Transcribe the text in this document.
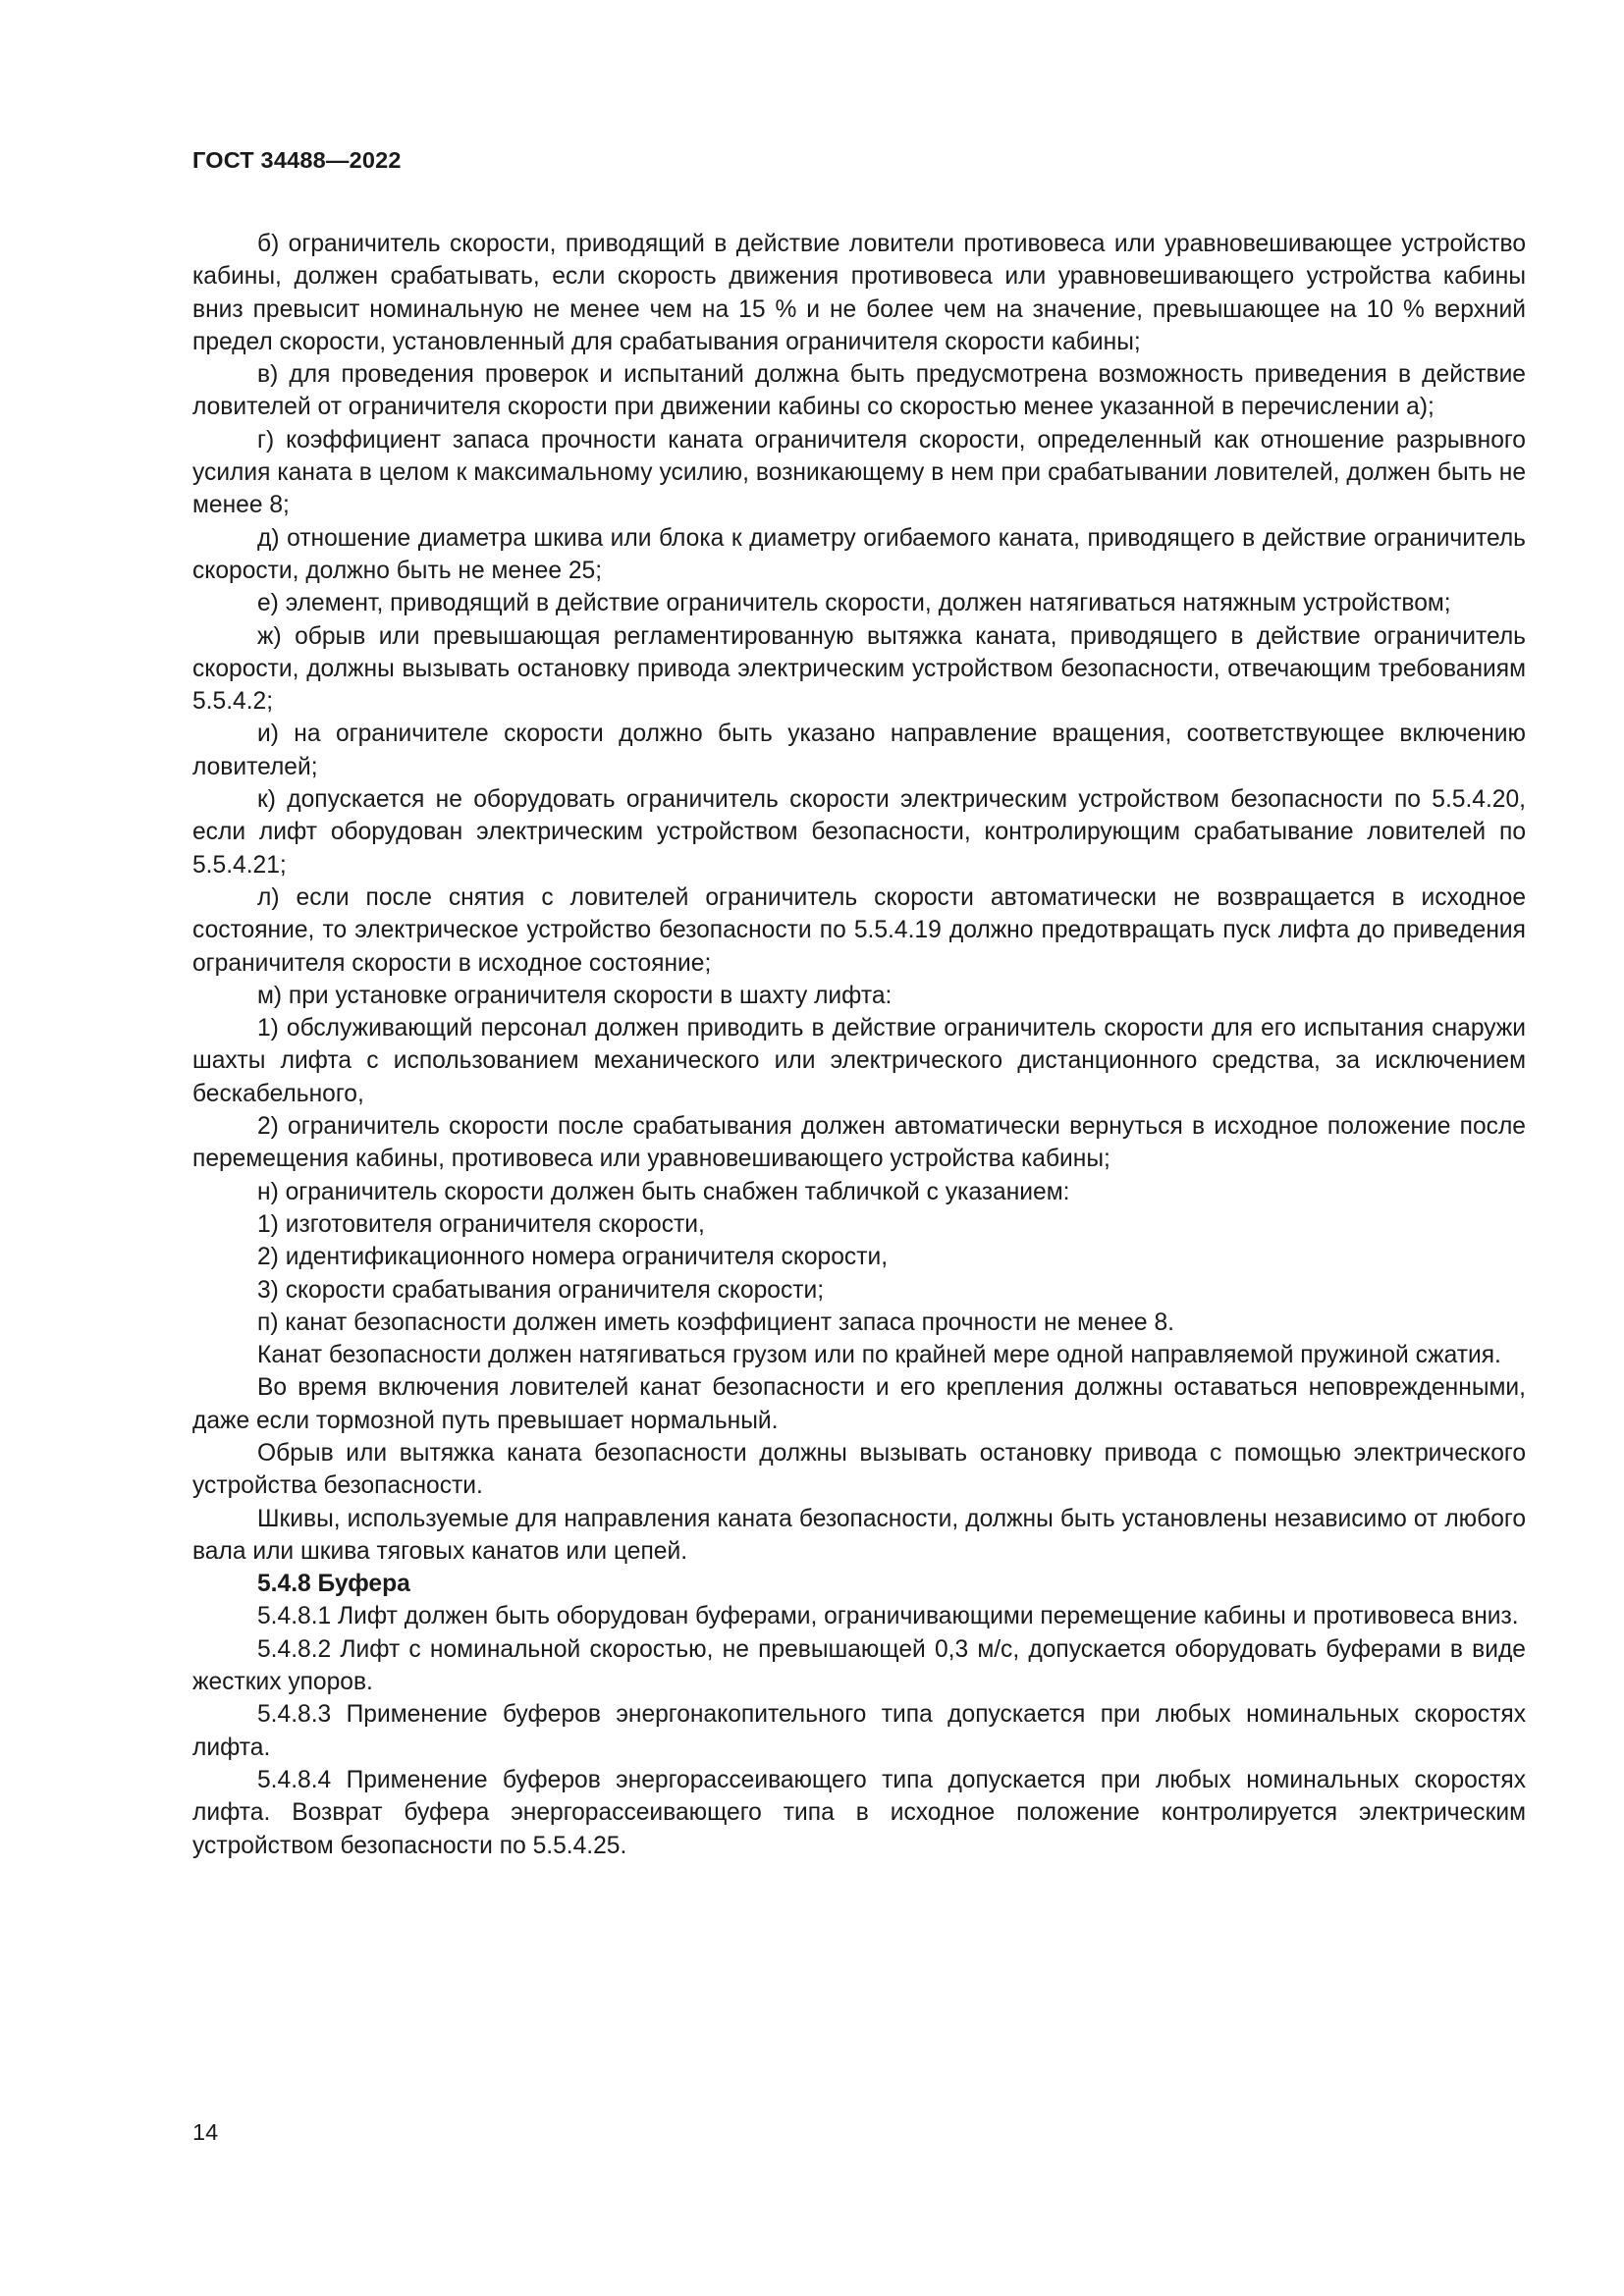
ГОСТ 34488—2022

б) ограничитель скорости, приводящий в действие ловители противовеса или уравновешивающее устройство кабины, должен срабатывать, если скорость движения противовеса или уравновешивающего устройства кабины вниз превысит номинальную не менее чем на 15 % и не более чем на значение, превышающее на 10 % верхний предел скорости, установленный для срабатывания ограничителя скорости кабины;

в) для проведения проверок и испытаний должна быть предусмотрена возможность приведения в действие ловителей от ограничителя скорости при движении кабины со скоростью менее указанной в перечислении а);

г) коэффициент запаса прочности каната ограничителя скорости, определенный как отношение разрывного усилия каната в целом к максимальному усилию, возникающему в нем при срабатывании ловителей, должен быть не менее 8;

д) отношение диаметра шкива или блока к диаметру огибаемого каната, приводящего в действие ограничитель скорости, должно быть не менее 25;

е) элемент, приводящий в действие ограничитель скорости, должен натягиваться натяжным устройством;

ж) обрыв или превышающая регламентированную вытяжка каната, приводящего в действие ограничитель скорости, должны вызывать остановку привода электрическим устройством безопасности, отвечающим требованиям 5.5.4.2;

и) на ограничителе скорости должно быть указано направление вращения, соответствующее включению ловителей;

к) допускается не оборудовать ограничитель скорости электрическим устройством безопасности по 5.5.4.20, если лифт оборудован электрическим устройством безопасности, контролирующим срабатывание ловителей по 5.5.4.21;

л) если после снятия с ловителей ограничитель скорости автоматически не возвращается в исходное состояние, то электрическое устройство безопасности по 5.5.4.19 должно предотвращать пуск лифта до приведения ограничителя скорости в исходное состояние;

м) при установке ограничителя скорости в шахту лифта:

1) обслуживающий персонал должен приводить в действие ограничитель скорости для его испытания снаружи шахты лифта с использованием механического или электрического дистанционного средства, за исключением бескабельного,

2) ограничитель скорости после срабатывания должен автоматически вернуться в исходное положение после перемещения кабины, противовеса или уравновешивающего устройства кабины;

н) ограничитель скорости должен быть снабжен табличкой с указанием:

1) изготовителя ограничителя скорости,

2) идентификационного номера ограничителя скорости,

3) скорости срабатывания ограничителя скорости;

п) канат безопасности должен иметь коэффициент запаса прочности не менее 8.

Канат безопасности должен натягиваться грузом или по крайней мере одной направляемой пружиной сжатия.

Во время включения ловителей канат безопасности и его крепления должны оставаться неповрежденными, даже если тормозной путь превышает нормальный.

Обрыв или вытяжка каната безопасности должны вызывать остановку привода с помощью электрического устройства безопасности.

Шкивы, используемые для направления каната безопасности, должны быть установлены независимо от любого вала или шкива тяговых канатов или цепей.

5.4.8 Буфера

5.4.8.1 Лифт должен быть оборудован буферами, ограничивающими перемещение кабины и противовеса вниз.

5.4.8.2 Лифт с номинальной скоростью, не превышающей 0,3 м/с, допускается оборудовать буферами в виде жестких упоров.

5.4.8.3 Применение буферов энергонакопительного типа допускается при любых номинальных скоростях лифта.

5.4.8.4 Применение буферов энергорассеивающего типа допускается при любых номинальных скоростях лифта. Возврат буфера энергорассеивающего типа в исходное положение контролируется электрическим устройством безопасности по 5.5.4.25.

14
